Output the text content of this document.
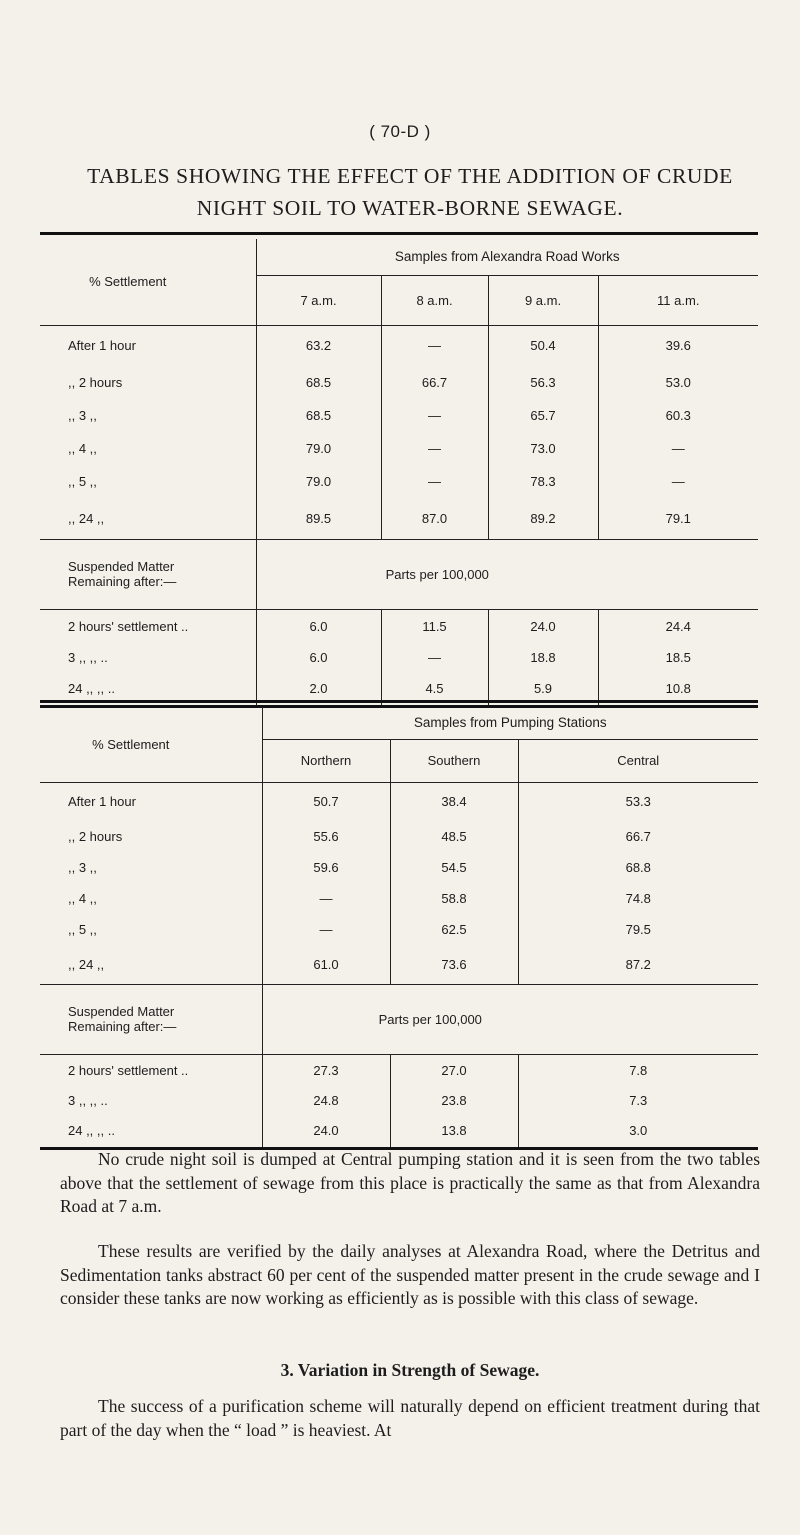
( 70-D )
TABLES SHOWING THE EFFECT OF THE ADDITION OF CRUDE
NIGHT SOIL TO WATER-BORNE SEWAGE.

% Settlement	Samples from Alexandra Road Works			
	7 a.m.	8 a.m.	9 a.m.	11 a.m.
After 1 hour	63.2	—	50.4	39.6
,, 2 hours	68.5	66.7	56.3	53.0
,, 3 ,,	68.5	—	65.7	60.3
,, 4 ,,	79.0	—	73.0	—
,, 5 ,,	79.0	—	78.3	—
,, 24 ,,	89.5	87.0	89.2	79.1

Suspended Matter
Remaining after:—	Parts per 100,000			
2 hours' settlement ..	6.0	11.5	24.0	24.4
3 ,, ,, ..	6.0	—	18.8	18.5
24 ,, ,, ..	2.0	4.5	5.9	10.8

% Settlement	Samples from Pumping Stations		
	Northern	Southern	Central
After 1 hour	50.7	38.4	53.3
,, 2 hours	55.6	48.5	66.7
,, 3 ,,	59.6	54.5	68.8
,, 4 ,,	—	58.8	74.8
,, 5 ,,	—	62.5	79.5
,, 24 ,,	61.0	73.6	87.2

Suspended Matter
Remaining after:—	Parts per 100,000		
2 hours' settlement ..	27.3	27.0	7.8
3 ,, ,, ..	24.8	23.8	7.3
24 ,, ,, ..	24.0	13.8	3.0

No crude night soil is dumped at Central pumping station and it is seen from the two tables above that the settlement of sewage from this place is practically the same as that from Alexandra Road at 7 a.m.

These results are verified by the daily analyses at Alexandra Road, where the Detritus and Sedimentation tanks abstract 60 per cent of the suspended matter present in the crude sewage and I consider these tanks are now working as efficiently as is possible with this class of sewage.

3. Variation in Strength of Sewage.

The success of a purification scheme will naturally depend on efficient treatment during that part of the day when the “ load ” is heaviest. At
